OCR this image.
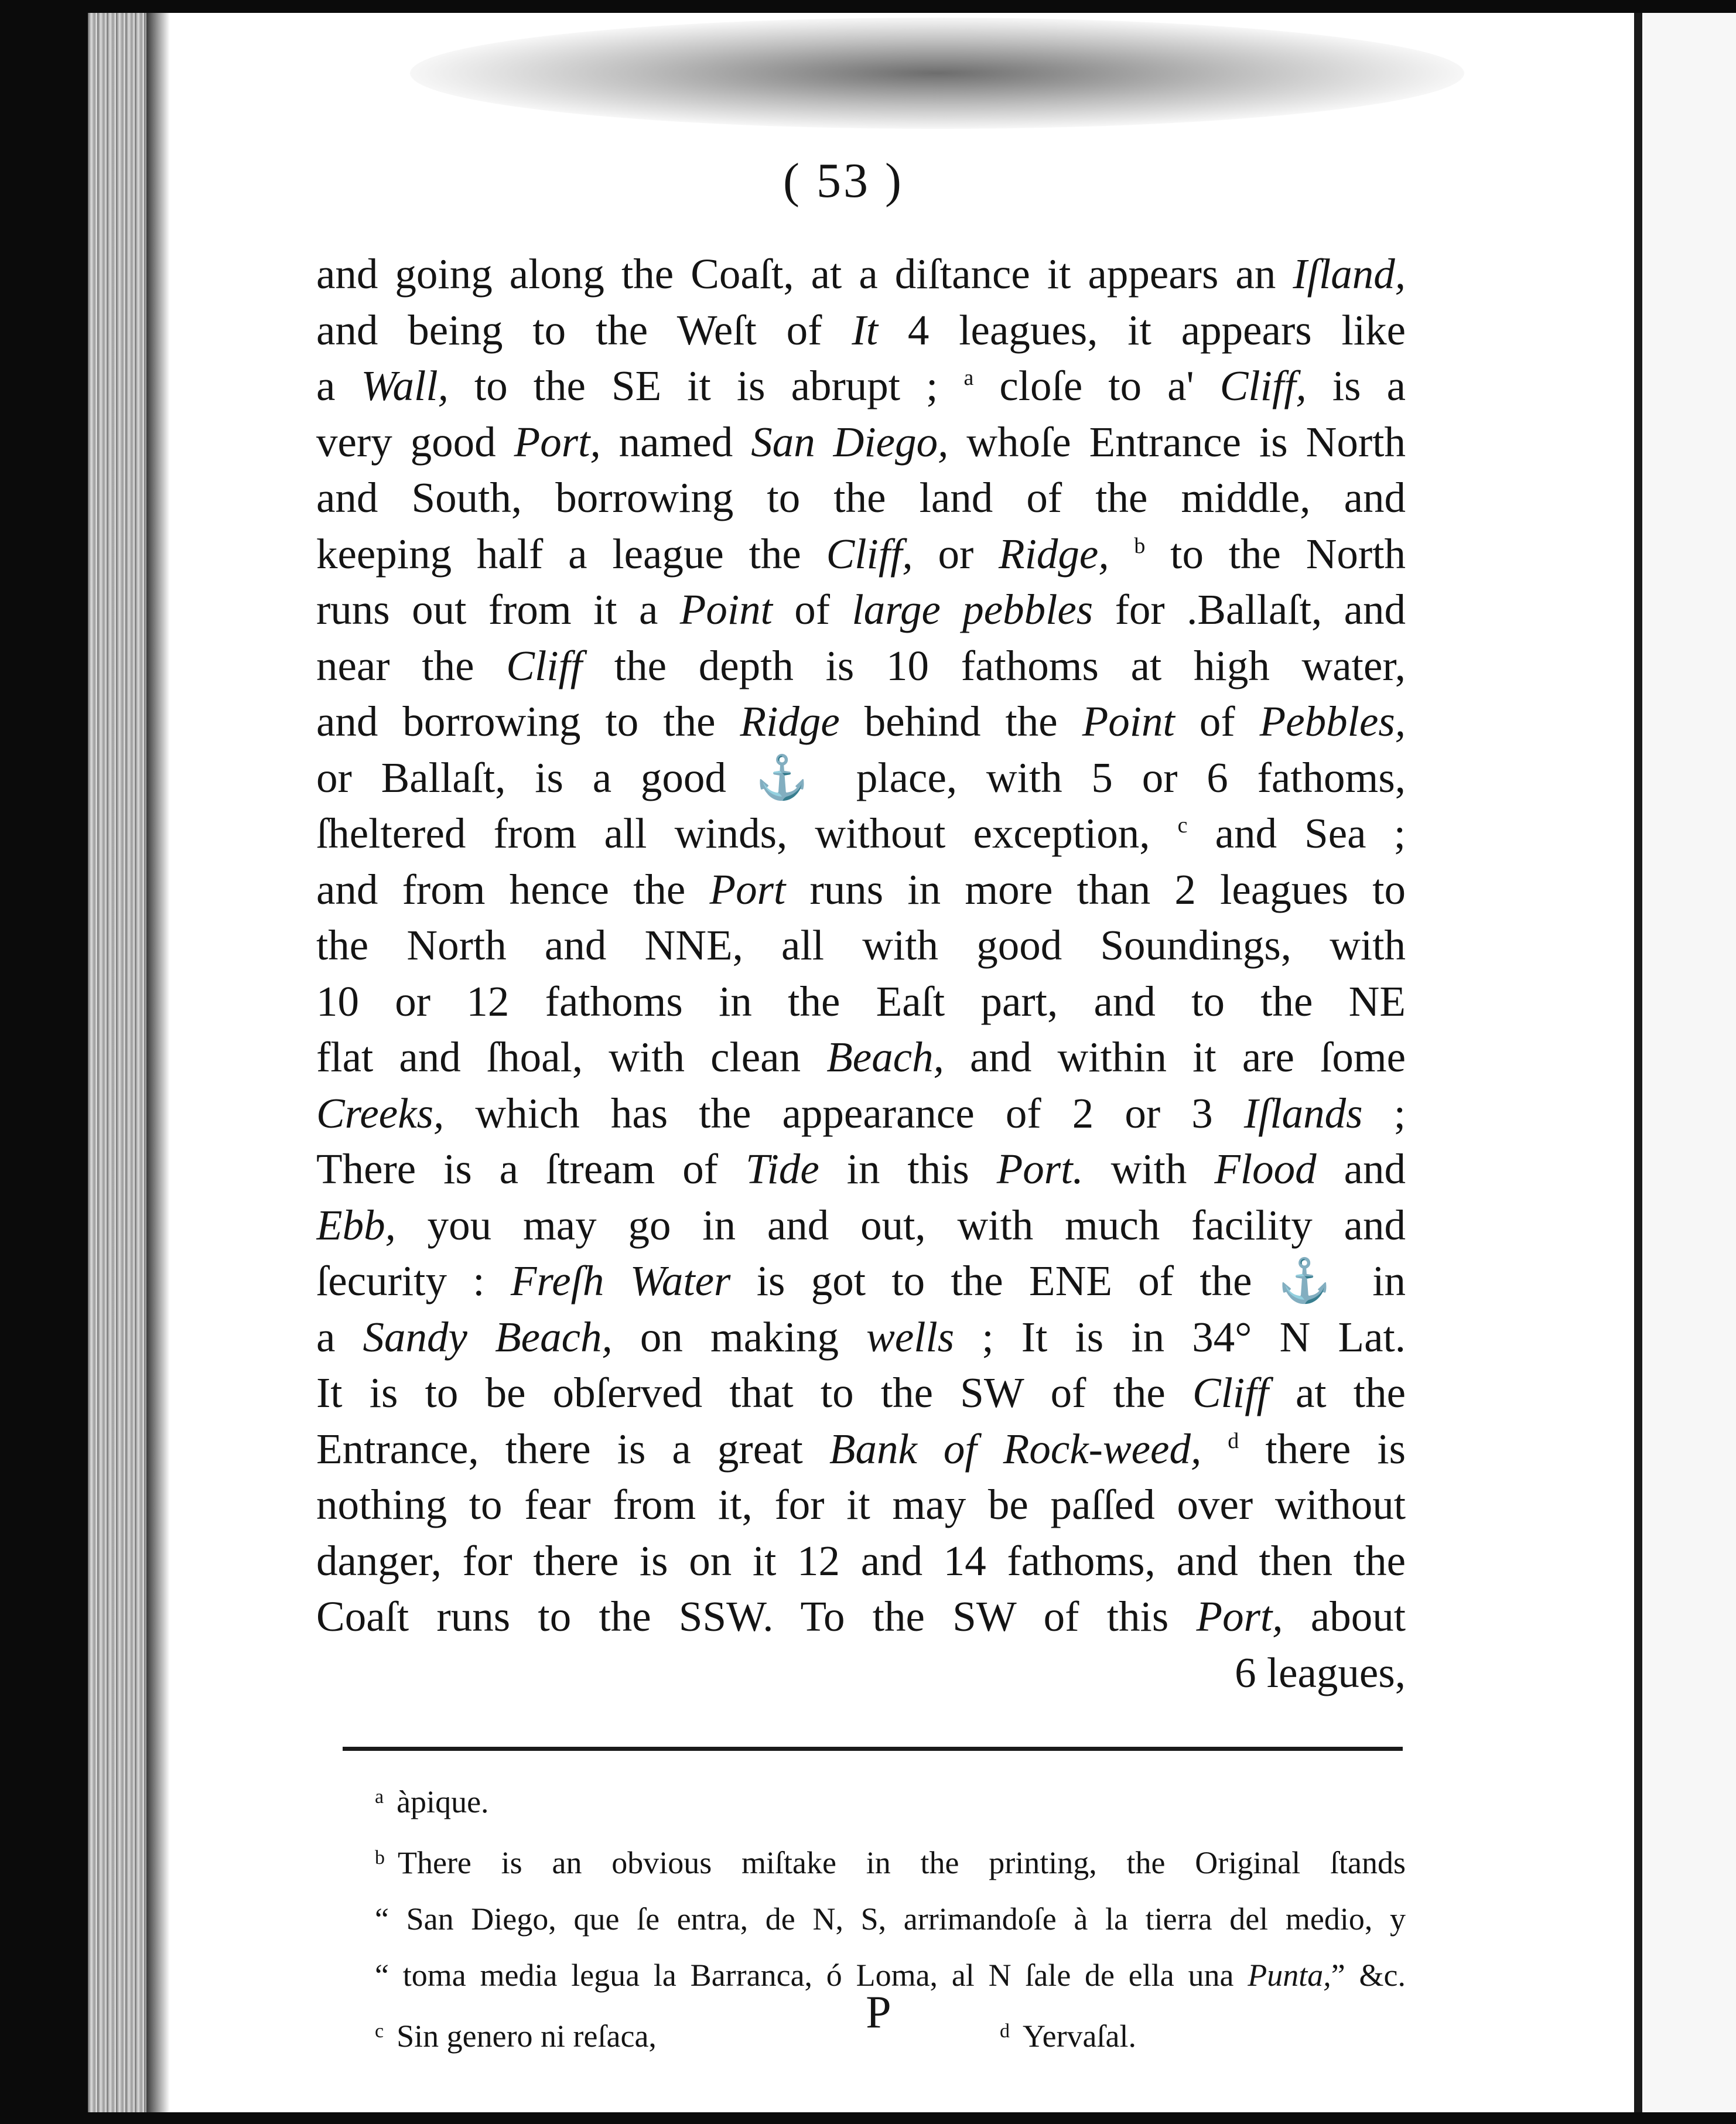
( 53 )
and going along the Coaſt, at a diſtance it appears an Iſland,
and being to the Weſt of It 4 leagues, it appears like
a Wall, to the SE it is abrupt ; $^a$ cloſe to a' Cliff, is a
very good Port, named San Diego, whoſe Entrance is North
and South, borrowing to the land of the middle, and
keeping half a league the Cliff, or Ridge, $^b$ to the North
runs out from it a Point of large pebbles for .Ballaſt, and
near the Cliff the depth is 10 fathoms at high water,
and borrowing to the Ridge behind the Point of Pebbles,
or Ballaſt, is a good ⚓ place, with 5 or 6 fathoms,
ſheltered from all winds, without exception, $^c$ and Sea ;
and from hence the Port runs in more than 2 leagues to
the North and NNE, all with good Soundings, with
10 or 12 fathoms in the Eaſt part, and to the NE
flat and ſhoal, with clean Beach, and within it are ſome
Creeks, which has the appearance of 2 or 3 Iſlands ;
There is a ſtream of Tide in this Port. with Flood and
Ebb, you may go in and out, with much facility and
ſecurity : Freſh Water is got to the ENE of the ⚓ in
a Sandy Beach, on making wells ; It is in 34° N Lat.
It is to be obſerved that to the SW of the Cliff at the
Entrance, there is a great Bank of Rock-weed, $^d$ there is
nothing to fear from it, for it may be paſſed over without
danger, for there is on it 12 and 14 fathoms, and then the
Coaſt runs to the SSW. To the SW of this Port, about
6 leagues,
$^a$ àpique.
$^b$ There is an obvious miſtake in the printing, the Original ſtands
“ San Diego, que ſe entra, de N, S, arrimandoſe à la tierra del medio, y
“ toma media legua la Barranca, ó Loma, al N ſale de ella una Punta,” &c.
$^c$ Sin genero ni reſaca,	$^d$ Yervaſal.
P
